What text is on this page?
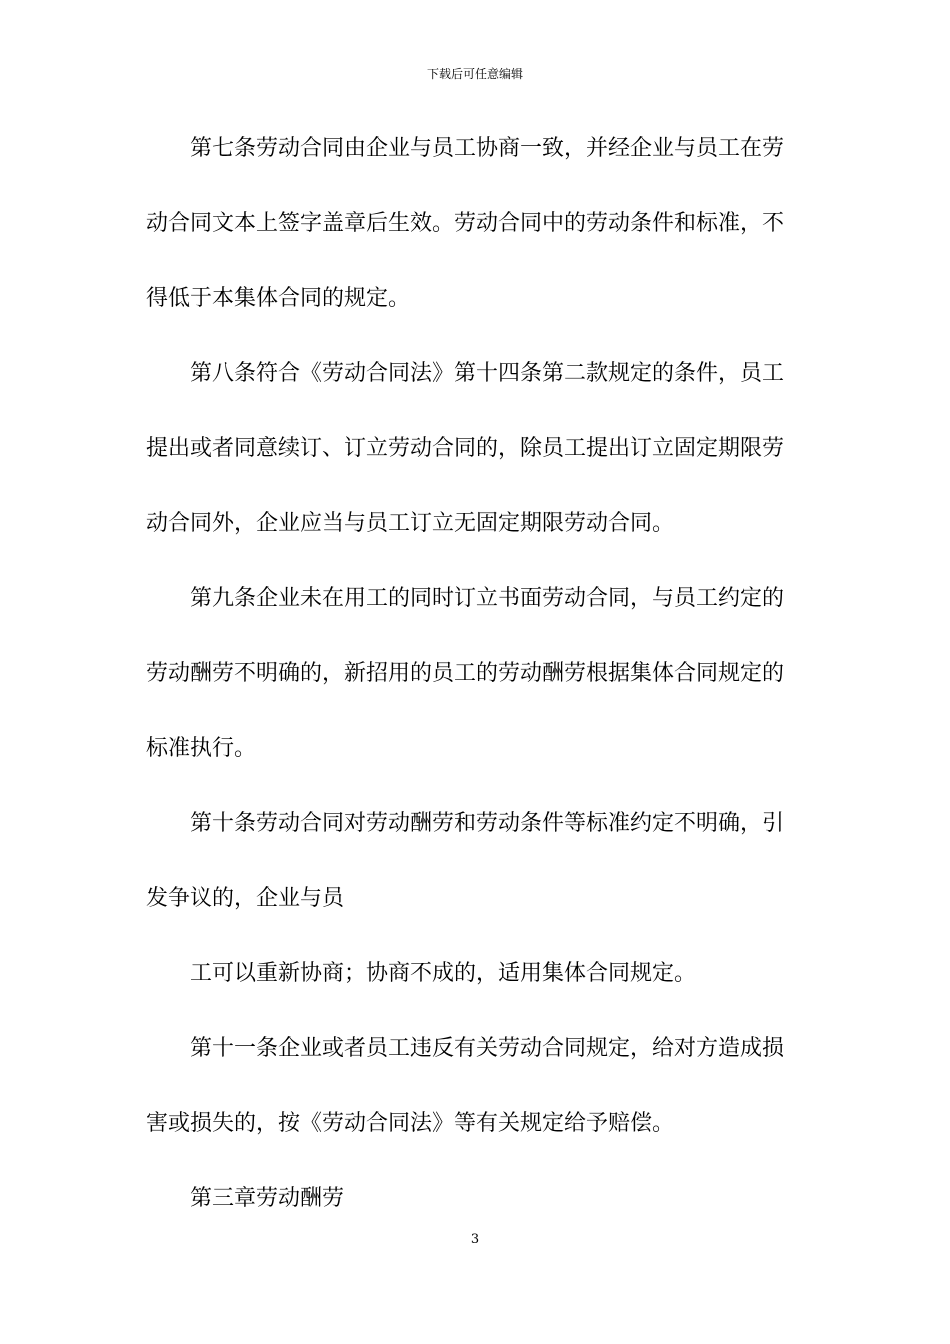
下载后可任意编辑
第七条劳动合同由企业与员工协商一致，并经企业与员工在劳
动合同文本上签字盖章后生效。劳动合同中的劳动条件和标准，不
得低于本集体合同的规定。
第八条符合《劳动合同法》第十四条第二款规定的条件，员工
提出或者同意续订、订立劳动合同的，除员工提出订立固定期限劳
动合同外，企业应当与员工订立无固定期限劳动合同。
第九条企业未在用工的同时订立书面劳动合同，与员工约定的
劳动酬劳不明确的，新招用的员工的劳动酬劳根据集体合同规定的
标准执行。
第十条劳动合同对劳动酬劳和劳动条件等标准约定不明确，引
发争议的，企业与员
工可以重新协商；协商不成的，适用集体合同规定。
第十一条企业或者员工违反有关劳动合同规定，给对方造成损
害或损失的，按《劳动合同法》等有关规定给予赔偿。
第三章劳动酬劳
3
